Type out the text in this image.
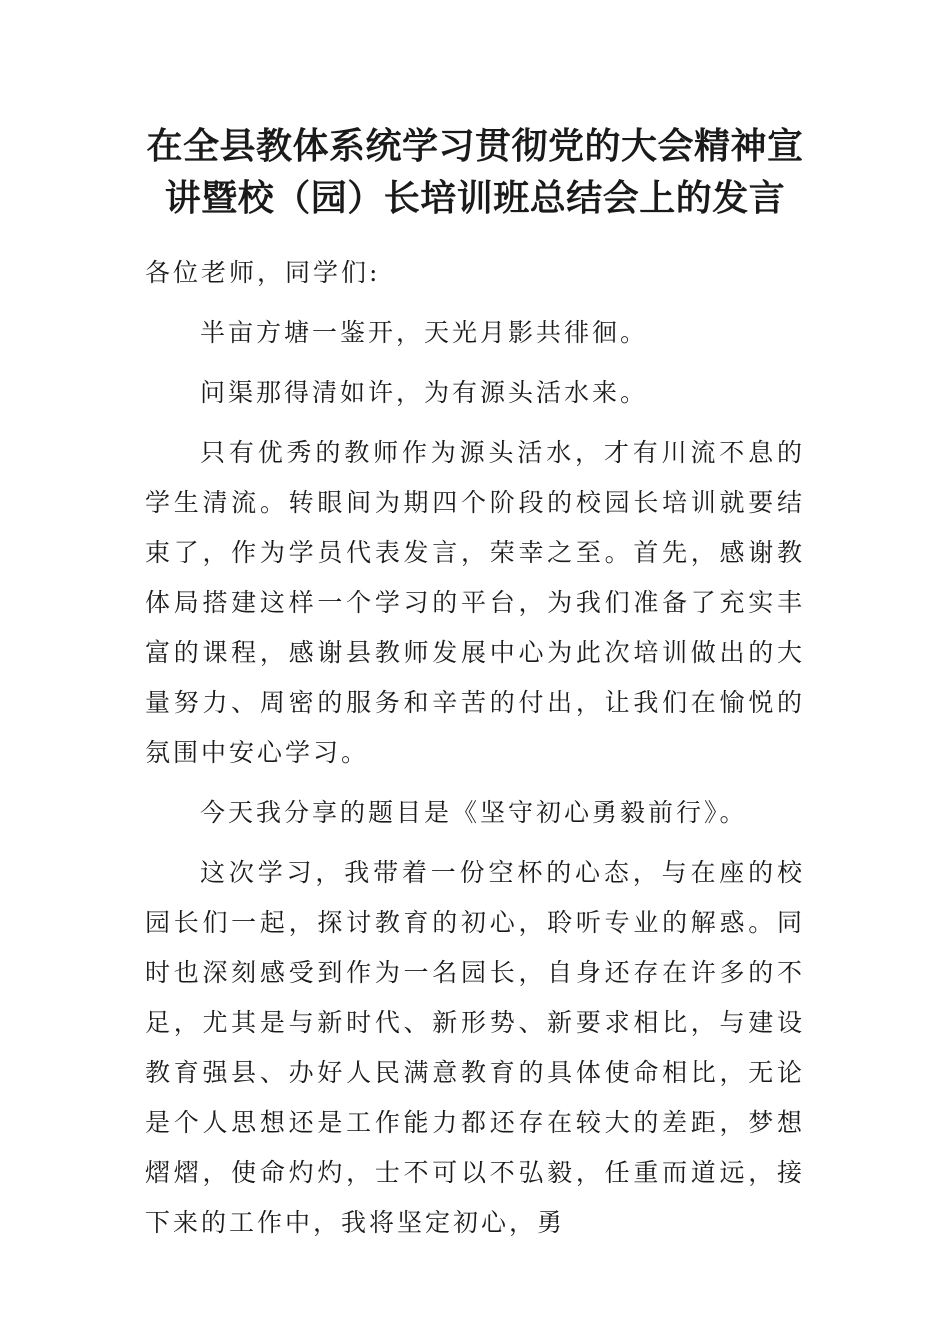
在全县教体系统学习贯彻党的大会精神宣
讲暨校（园）长培训班总结会上的发言

各位老师，同学们:

半亩方塘一鉴开，天光月影共徘徊。

问渠那得清如许，为有源头活水来。

只有优秀的教师作为源头活水，才有川流不息的学生清流。转眼间为期四个阶段的校园长培训就要结束了，作为学员代表发言，荣幸之至。首先，感谢教体局搭建这样一个学习的平台，为我们准备了充实丰富的课程，感谢县教师发展中心为此次培训做出的大量努力、周密的服务和辛苦的付出，让我们在愉悦的氛围中安心学习。

今天我分享的题目是《坚守初心勇毅前行》。

这次学习，我带着一份空杯的心态，与在座的校园长们一起，探讨教育的初心，聆听专业的解惑。同时也深刻感受到作为一名园长，自身还存在许多的不足，尤其是与新时代、新形势、新要求相比，与建设教育强县、办好人民满意教育的具体使命相比，无论是个人思想还是工作能力都还存在较大的差距，梦想熠熠，使命灼灼，士不可以不弘毅，任重而道远，接下来的工作中，我将坚定初心，勇
